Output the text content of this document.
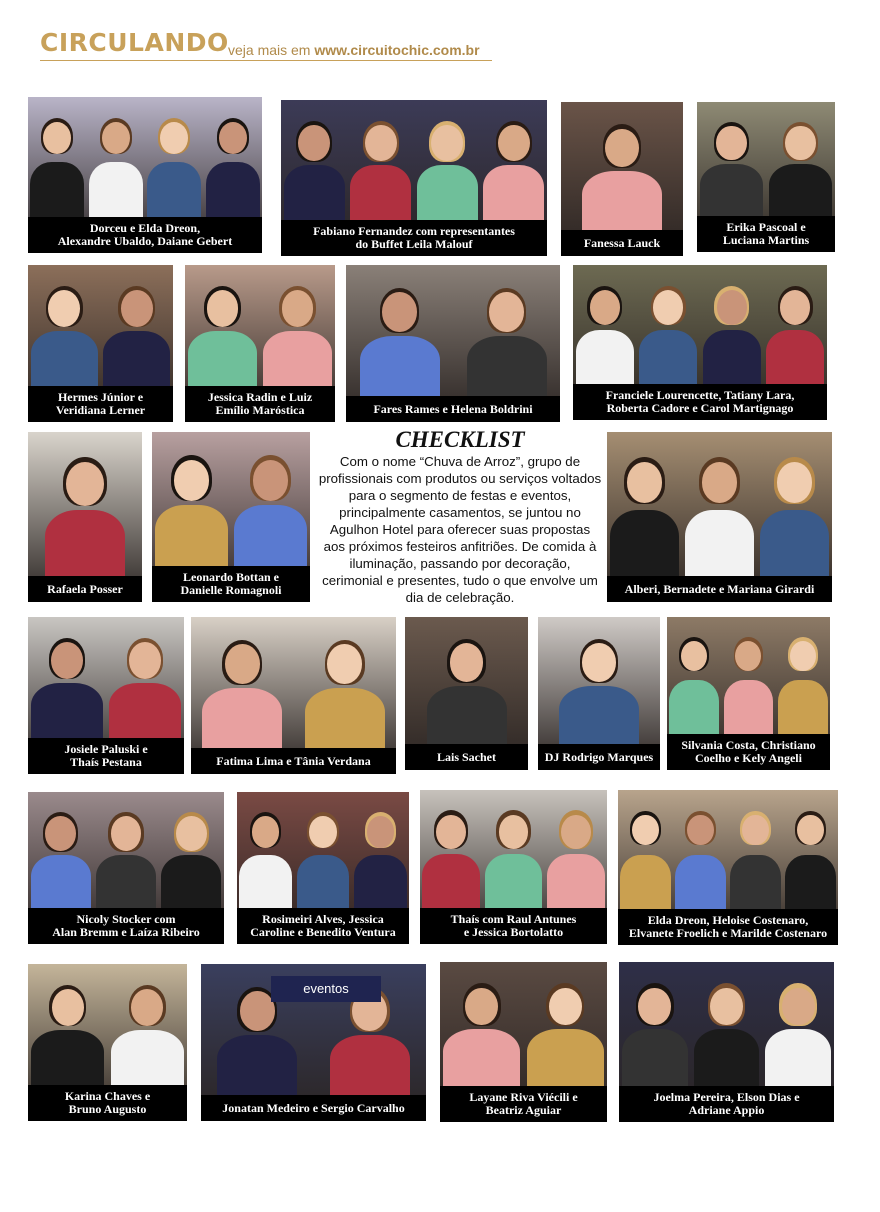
CIRCULANDO veja mais em www.circuitochic.com.br
Dorceu e Elda Dreon,
Alexandre Ubaldo, Daiane Gebert
Fabiano Fernandez com representantes
do Buffet Leila Malouf	Fanessa Lauck
Erika Pascoal e
Luciana Martins
Hermes Júnior e
Veridiana Lerner
Jessica Radin e Luiz
Emílio Maróstica	Fares Rames e Helena Boldrini
Franciele Lourencette, Tatiany Lara,
Roberta Cadore e Carol Martignago
Rafaela Posser
Leonardo Bottan e
Danielle Romagnoli	Alberi, Bernadete e Mariana Girardi
Josiele Paluski e
Thaís Pestana	Fatima Lima e Tânia Verdana	Lais Sachet	DJ Rodrigo Marques
Silvania Costa, Christiano
Coelho e Kely Angeli
Nicoly Stocker com
Alan Bremm e Laíza Ribeiro
Rosimeiri Alves, Jessica
Caroline e Benedito Ventura
Thaís com Raul Antunes
e Jessica Bortolatto
Elda Dreon, Heloise Costenaro,
Elvanete Froelich e Marilde Costenaro
Karina Chaves e
Bruno Augusto	Jonatan Medeiro e Sergio Carvalho
eventos
Layane Riva Viécili e
Beatriz Aguiar
Joelma Pereira, Elson Dias e
Adriane Appio
CHECKLIST
Com o nome “Chuva de Arroz”, grupo de profissionais com produtos ou serviços voltados para o segmento de festas e eventos, principalmente casamentos, se juntou no Agulhon Hotel para oferecer suas propostas aos próximos festeiros anfitriões. De comida à iluminação, passando por decoração, cerimonial e presentes, tudo o que envolve um dia de celebração.
